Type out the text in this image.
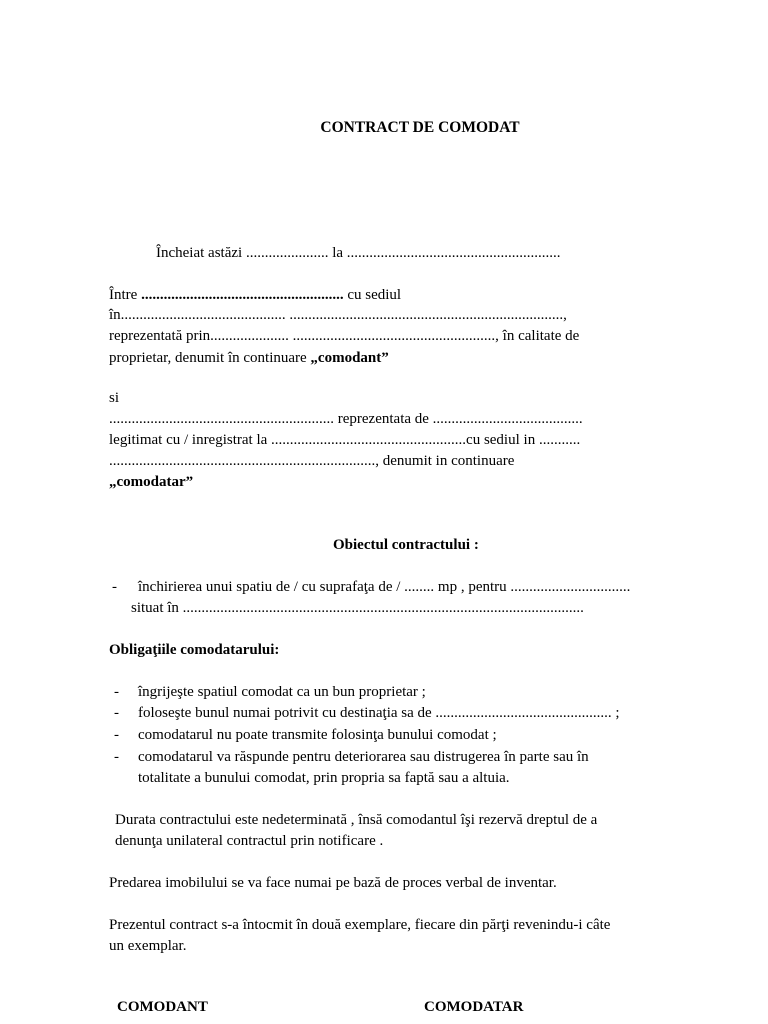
CONTRACT DE COMODAT
Încheiat astăzi ...................... la .........................................................
Între ...................................................... cu sediul
în............................................ .........................................................................,
reprezentată prin..................... ......................................................, în calitate de
proprietar, denumit în continuare „comodant”
si
............................................................ reprezentata de ........................................
legitimat cu / inregistrat la ....................................................cu sediul in ...........
......................................................................., denumit in continuare
„comodatar”
Obiectul contractului :
- închirierea unui spatiu de / cu suprafaţa de / ........ mp , pentru ................................
situat în ...........................................................................................................
Obligaţiile comodatarului:
- îngrijeşte spatiul comodat ca un bun proprietar ;
- foloseşte bunul numai potrivit cu destinaţia sa de ............................................... ;
- comodatarul nu poate transmite folosinţa bunului comodat ;
- comodatarul va răspunde pentru deteriorarea sau distrugerea în parte sau în
totalitate a bunului comodat, prin propria sa faptă sau a altuia.
Durata contractului este nedeterminată , însă comodantul îşi rezervă dreptul de a
denunţa unilateral contractul prin notificare .
Predarea imobilului se va face numai pe bază de proces verbal de inventar.
Prezentul contract s-a întocmit în două exemplare, fiecare din părţi revenindu-i câte
un exemplar.
COMODANT	COMODATAR
